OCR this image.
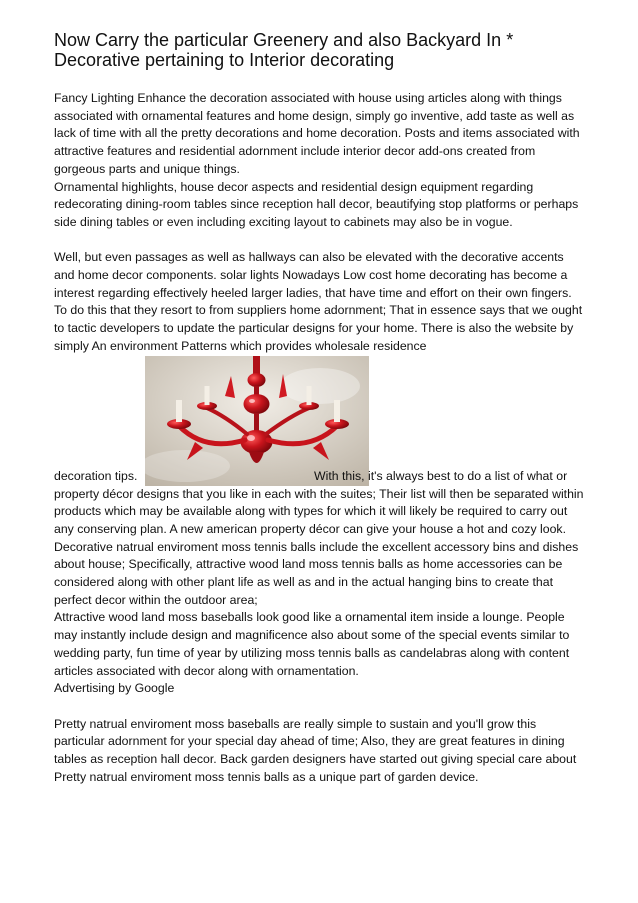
Now Carry the particular Greenery and also Backyard In * Decorative pertaining to Interior decorating

Fancy Lighting Enhance the decoration associated with house using articles along with things associated with ornamental features and home design, simply go inventive, add taste as well as lack of time with all the pretty decorations and home decoration. Posts and items associated with attractive features and residential adornment include interior decor add-ons created from gorgeous parts and unique things.

Ornamental highlights, house decor aspects and residential design equipment regarding redecorating dining-room tables since reception hall decor, beautifying stop platforms or perhaps side dining tables or even including exciting layout to cabinets may also be in vogue.

Well, but even passages as well as hallways can also be elevated with the decorative accents and home decor components. solar lights Nowadays Low cost home decorating has become a interest regarding effectively heeled larger ladies, that have time and effort on their own fingers. To do this that they resort to from suppliers home adornment; That in essence says that we ought to tactic developers to update the particular designs for your home. There is also the website by simply An environment Patterns which provides wholesale residence

decoration tips.	With this, it's always best to do a list of what or

property décor designs that you like in each with the suites; Their list will then be separated within products which may be available along with types for which it will likely be required to carry out any conserving plan. A new american property décor can give your house a hot and cozy look. Decorative natrual enviroment moss tennis balls include the excellent accessory bins and dishes about house; Specifically, attractive wood land moss tennis balls as home accessories can be considered along with other plant life as well as and in the actual hanging bins to create that perfect decor within the outdoor area;

Attractive wood land moss baseballs look good like a ornamental item inside a lounge. People may instantly include design and magnificence also about some of the special events similar to wedding party, fun time of year by utilizing moss tennis balls as candelabras along with content articles associated with decor along with ornamentation.

Advertising by Google

Pretty natrual enviroment moss baseballs are really simple to sustain and you'll grow this particular adornment for your special day ahead of time; Also, they are great features in dining tables as reception hall decor. Back garden designers have started out giving special care about Pretty natrual enviroment moss tennis balls as a unique part of garden device.
